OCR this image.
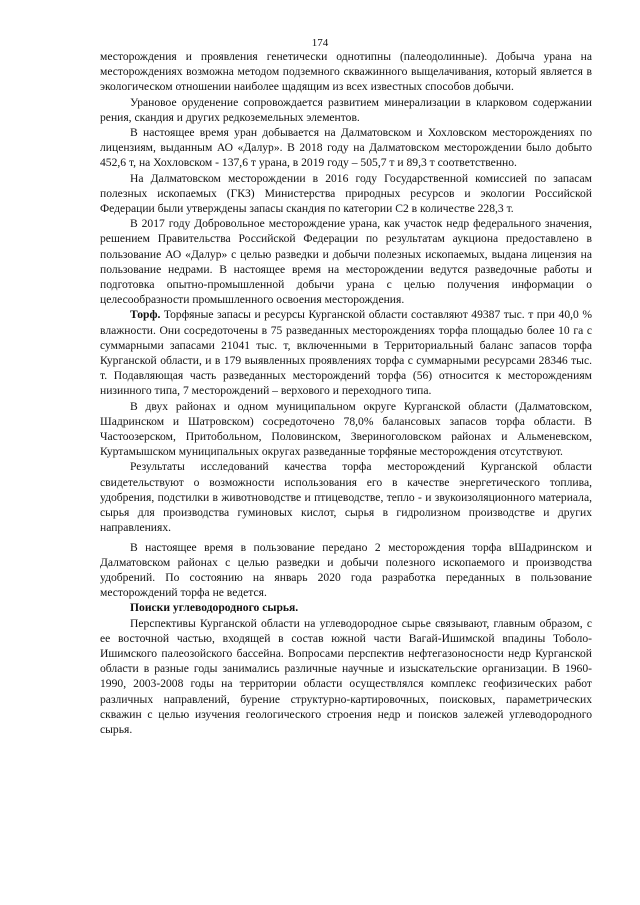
174

месторождения и проявления генетически однотипны (палеодолинные). Добыча урана на месторождениях возможна методом подземного скважинного выщелачивания, который является в экологическом отношении наиболее щадящим из всех известных способов добычи.

Урановое оруденение сопровождается развитием минерализации в кларковом содержании рения, скандия и других редкоземельных элементов.

В настоящее время уран добывается на Далматовском и Хохловском месторождениях по лицензиям, выданным АО «Далур». В 2018 году на Далматовском месторождении было добыто 452,6 т, на Хохловском - 137,6 т урана, в 2019 году – 505,7 т и 89,3 т соответственно.

На Далматовском месторождении в 2016 году Государственной комиссией по запасам полезных ископаемых (ГКЗ) Министерства природных ресурсов и экологии Российской Федерации были утверждены запасы скандия по категории С2 в количестве 228,3 т.

В 2017 году Добровольное месторождение урана, как участок недр федерального значения, решением Правительства Российской Федерации по результатам аукциона предоставлено в пользование АО «Далур» с целью разведки и добычи полезных ископаемых, выдана лицензия на пользование недрами. В настоящее время на месторождении ведутся разведочные работы и подготовка опытно-промышленной добычи урана с целью получения информации о целесообразности промышленного освоения месторождения.

Торф. Торфяные запасы и ресурсы Курганской области составляют 49387 тыс. т при 40,0 % влажности. Они сосредоточены в 75 разведанных месторождениях торфа площадью более 10 га с суммарными запасами 21041 тыс. т, включенными в Территориальный баланс запасов торфа Курганской области, и в 179 выявленных проявлениях торфа с суммарными ресурсами 28346 тыс. т. Подавляющая часть разведанных месторождений торфа (56) относится к месторождениям низинного типа, 7 месторождений – верхового и переходного типа.

В двух районах и одном муниципальном округе Курганской области (Далматовском, Шадринском и Шатровском) сосредоточено 78,0% балансовых запасов торфа области. В Частоозерском, Притобольном, Половинском, Звериноголовском районах и Альменевском, Куртамышском муниципальных округах разведанные торфяные месторождения отсутствуют.

Результаты исследований качества торфа месторождений Курганской области свидетельствуют о возможности использования его в качестве энергетического топлива, удобрения, подстилки в животноводстве и птицеводстве, тепло - и звукоизоляционного материала, сырья для производства гуминовых кислот, сырья в гидролизном производстве и других направлениях.

В настоящее время в пользование передано 2 месторождения торфа вШадринском и Далматовском районах с целью разведки и добычи полезного ископаемого и производства удобрений. По состоянию на январь 2020 года разработка переданных в пользование месторождений торфа не ведется.

Поиски углеводородного сырья.

Перспективы Курганской области на углеводородное сырье связывают, главным образом, с ее восточной частью, входящей в состав южной части Вагай-Ишимской впадины Тоболо-Ишимского палеозойского бассейна. Вопросами перспектив нефтегазоносности недр Курганской области в разные годы занимались различные научные и изыскательские организации. В 1960-1990, 2003-2008 годы на территории области осуществлялся комплекс геофизических работ различных направлений, бурение структурно-картировочных, поисковых, параметрических скважин с целью изучения геологического строения недр и поисков залежей углеводородного сырья.
